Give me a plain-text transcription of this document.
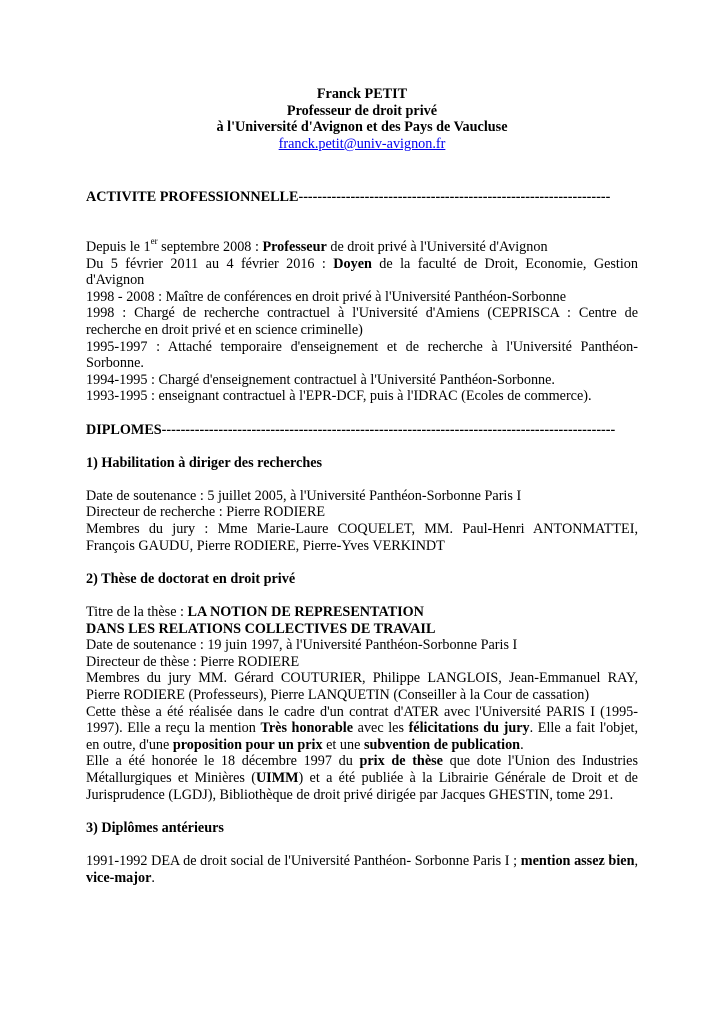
Franck PETIT
Professeur de droit privé
à l'Université d'Avignon et des Pays de Vaucluse
franck.petit@univ-avignon.fr
ACTIVITE PROFESSIONNELLE------------------------------------------------------------------

Depuis le 1er septembre 2008 : Professeur de droit privé à l'Université d'Avignon

Du 5 février 2011 au 4 février 2016 : Doyen de la faculté de Droit, Economie, Gestion d'Avignon

1998 - 2008 : Maître de conférences en droit privé à l'Université Panthéon-Sorbonne

1998 : Chargé de recherche contractuel à l'Université d'Amiens (CEPRISCA : Centre de recherche en droit privé et en science criminelle)

1995-1997 : Attaché temporaire d'enseignement et de recherche à l'Université Panthéon-Sorbonne.

1994-1995 : Chargé d'enseignement contractuel à l'Université Panthéon-Sorbonne.

1993-1995 : enseignant contractuel à l'EPR-DCF, puis à l'IDRAC (Ecoles de commerce).

DIPLOMES------------------------------------------------------------------------------------------------
1) Habilitation à diriger des recherches

Date de soutenance : 5 juillet 2005, à l'Université Panthéon-Sorbonne Paris I

Directeur de recherche : Pierre RODIERE

Membres du jury : Mme Marie-Laure COQUELET, MM. Paul-Henri ANTONMATTEI, François GAUDU, Pierre RODIERE, Pierre-Yves VERKINDT

2) Thèse de doctorat en droit privé

Titre de la thèse : LA NOTION DE REPRESENTATION

DANS LES RELATIONS COLLECTIVES DE TRAVAIL

Date de soutenance : 19 juin 1997, à l'Université Panthéon-Sorbonne Paris I

Directeur de thèse : Pierre RODIERE

Membres du jury MM. Gérard COUTURIER, Philippe LANGLOIS, Jean-Emmanuel RAY, Pierre RODIERE (Professeurs), Pierre LANQUETIN (Conseiller à la Cour de cassation)

Cette thèse a été réalisée dans le cadre d'un contrat d'ATER avec l'Université PARIS I (1995-1997). Elle a reçu la mention Très honorable avec les félicitations du jury. Elle a fait l'objet, en outre, d'une proposition pour un prix et une subvention de publication.

Elle a été honorée le 18 décembre 1997 du prix de thèse que dote l'Union des Industries Métallurgiques et Minières (UIMM) et a été publiée à la Librairie Générale de Droit et de Jurisprudence (LGDJ), Bibliothèque de droit privé dirigée par Jacques GHESTIN, tome 291.

3) Diplômes antérieurs

1991-1992 DEA de droit social de l'Université Panthéon- Sorbonne Paris I ; mention assez bien, vice-major.
